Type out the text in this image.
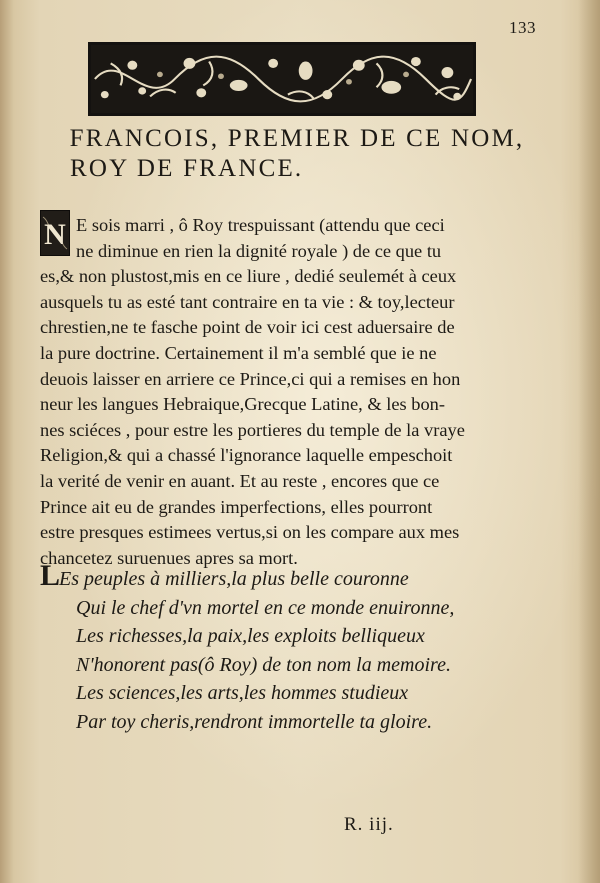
133
FRANCOIS, PREMIER DE CE NOM,
ROY DE FRANCE.
N E sois marri , ô Roy trespuissant (attendu que ceci
ne diminue en rien la dignité royale ) de ce que tu
es,& non plustost,mis en ce liure , dedié seulemét à ceux
ausquels tu as esté tant contraire en ta vie : & toy,lecteur
chrestien,ne te fasche point de voir ici cest aduersaire de
la pure doctrine. Certainement il m'a semblé que ie ne
deuois laisser en arriere ce Prince,ci qui a remises en hon
neur les langues Hebraique,Grecque Latine, & les bon-
nes sciéces , pour estre les portieres du temple de la vraye
Religion,& qui a chassé l'ignorance laquelle empeschoit
la verité de venir en auant. Et au reste , encores que ce
Prince ait eu de grandes imperfections, elles pourront
estre presques estimees vertus,si on les compare aux mes
chancetez suruenues apres sa mort.
LEs peuples à milliers,la plus belle couronne
Qui le chef d'vn mortel en ce monde enuironne,
Les richesses,la paix,les exploits belliqueux
N'honorent pas(ô Roy) de ton nom la memoire.
Les sciences,les arts,les hommes studieux
Par toy cheris,rendront immortelle ta gloire.
R. iij.
